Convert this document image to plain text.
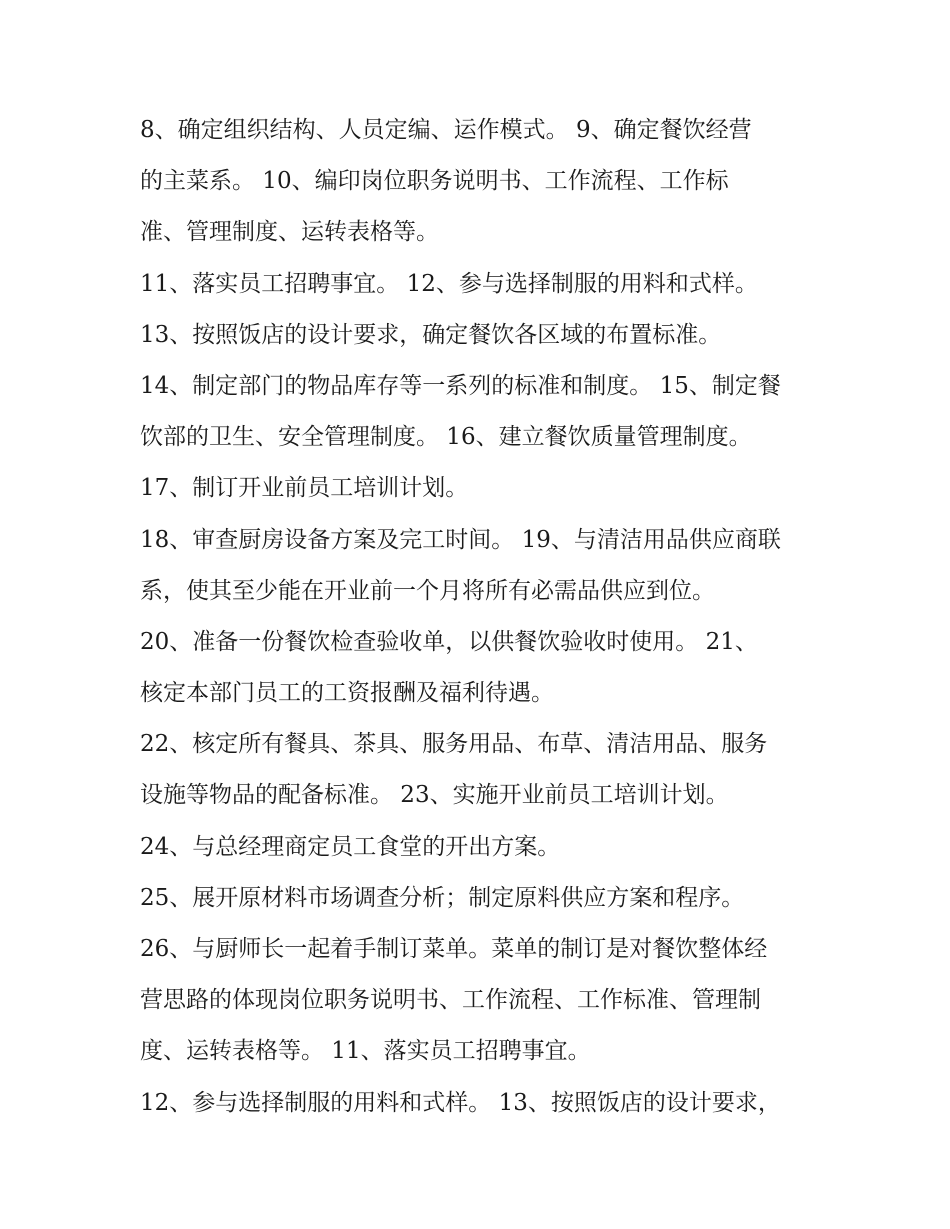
8、确定组织结构、人员定编、运作模式。 9、确定餐饮经营
的主菜系。 10、编印岗位职务说明书、工作流程、工作标
准、管理制度、运转表格等。
11、落实员工招聘事宜。 12、参与选择制服的用料和式样。
13、按照饭店的设计要求，确定餐饮各区域的布置标准。
14、制定部门的物品库存等一系列的标准和制度。 15、制定餐
饮部的卫生、安全管理制度。 16、建立餐饮质量管理制度。
17、制订开业前员工培训计划。
18、审查厨房设备方案及完工时间。 19、与清洁用品供应商联
系，使其至少能在开业前一个月将所有必需品供应到位。
20、准备一份餐饮检查验收单，以供餐饮验收时使用。 21、
核定本部门员工的工资报酬及福利待遇。
22、核定所有餐具、茶具、服务用品、布草、清洁用品、服务
设施等物品的配备标准。 23、实施开业前员工培训计划。
24、与总经理商定员工食堂的开出方案。
25、展开原材料市场调查分析；制定原料供应方案和程序。
26、与厨师长一起着手制订菜单。菜单的制订是对餐饮整体经
营思路的体现岗位职务说明书、工作流程、工作标准、管理制
度、运转表格等。 11、落实员工招聘事宜。
12、参与选择制服的用料和式样。 13、按照饭店的设计要求，
